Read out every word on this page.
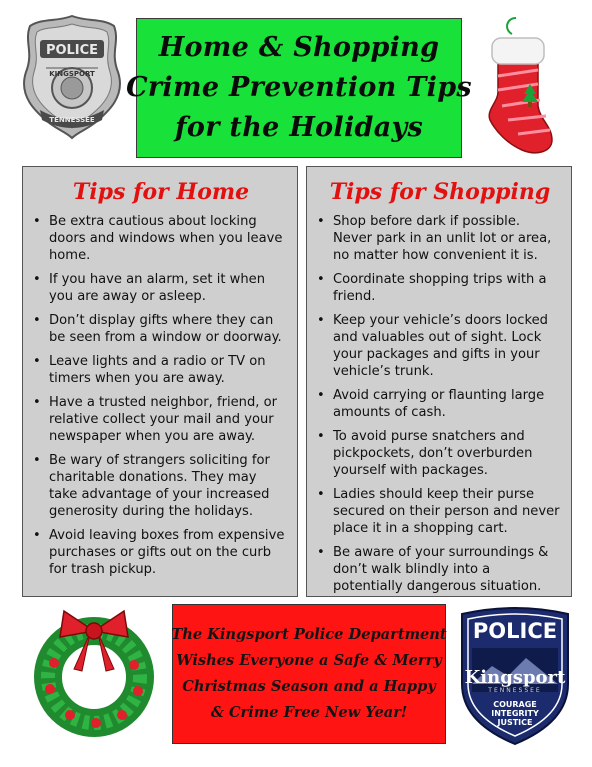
POLICE
KINGSPORT
TENNESSEE
Home & Shopping
Crime Prevention Tips
for the Holidays
Tips for Home
• Be extra cautious about locking doors and windows when you leave home.
• If you have an alarm, set it when you are away or asleep.
• Don’t display gifts where they can be seen from a window or doorway.
• Leave lights and a radio or TV on timers when you are away.
• Have a trusted neighbor, friend, or relative collect your mail and your newspaper when you are away.
• Be wary of strangers soliciting for charitable donations. They may take advantage of your increased generosity during the holidays.
• Avoid leaving boxes from expensive purchases or gifts out on the curb for trash pickup.
Tips for Shopping
• Shop before dark if possible. Never park in an unlit lot or area, no matter how convenient it is.
• Coordinate shopping trips with a friend.
• Keep your vehicle’s doors locked and valuables out of sight. Lock your packages and gifts in your vehicle’s trunk.
• Avoid carrying or flaunting large amounts of cash.
• To avoid purse snatchers and pickpockets, don’t overburden yourself with packages.
• Ladies should keep their purse secured on their person and never place it in a shopping cart.
• Be aware of your surroundings & don’t walk blindly into a potentially dangerous situation.
The Kingsport Police Department
Wishes Everyone a Safe & Merry
Christmas Season and a Happy
& Crime Free New Year!
POLICE
Kingsport
TENNESSEE
COURAGE
INTEGRITY
JUSTICE
